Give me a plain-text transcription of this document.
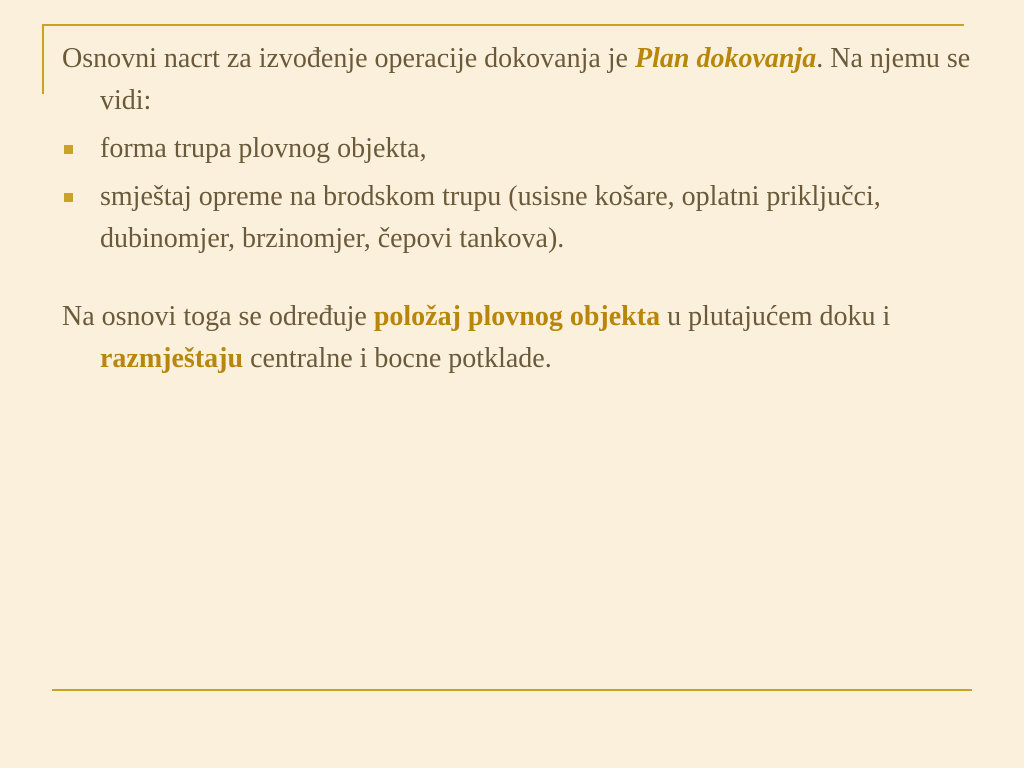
Osnovni nacrt za izvođenje operacije dokovanja je Plan dokovanja. Na njemu se vidi:

forma trupa plovnog objekta,
smještaj opreme na brodskom trupu (usisne košare, oplatni priključci, dubinomjer, brzinomjer, čepovi tankova).

Na osnovi toga se određuje položaj plovnog objekta u plutajućem doku i razmještaju centralne i bocne potklade.
